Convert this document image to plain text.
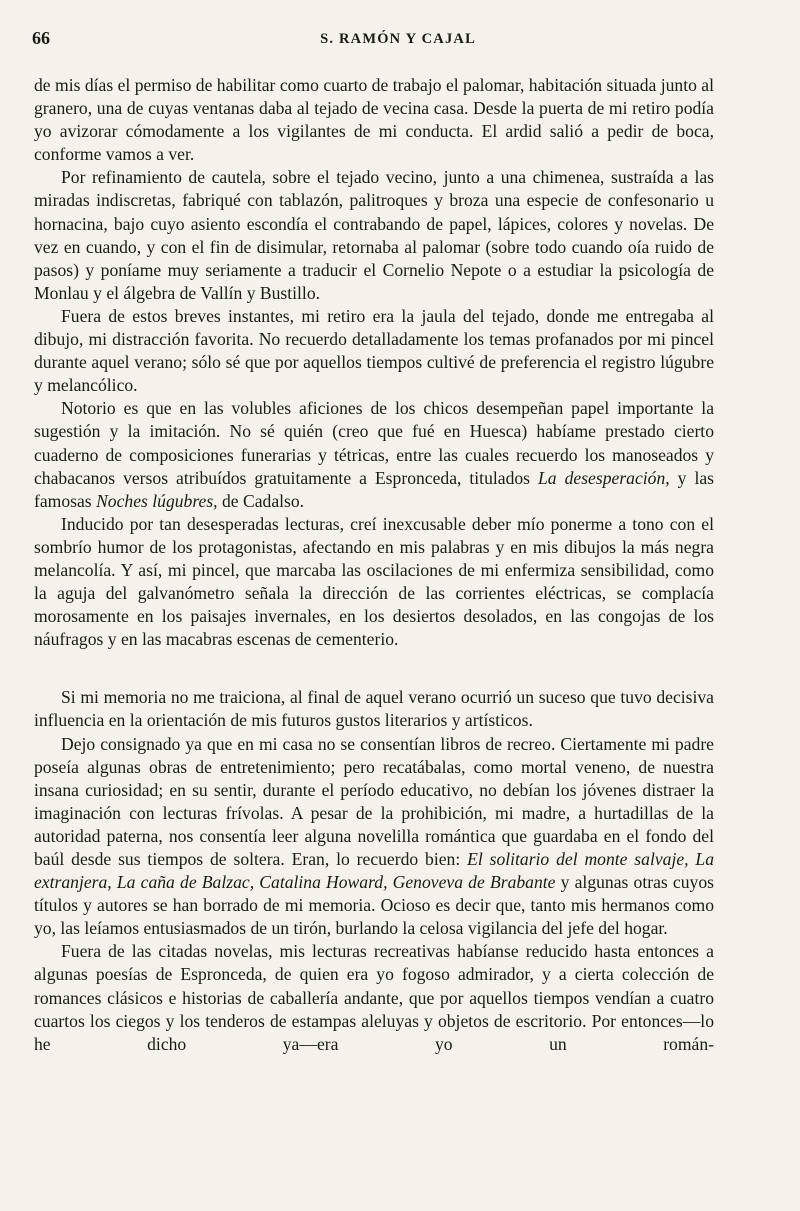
66	S. RAMÓN Y CAJAL

de mis días el permiso de habilitar como cuarto de trabajo el palomar, habitación situada junto al granero, una de cuyas ventanas daba al tejado de vecina casa. Desde la puerta de mi retiro podía yo avizorar cómodamente a los vigilantes de mi conducta. El ardid salió a pedir de boca, conforme vamos a ver.

Por refinamiento de cautela, sobre el tejado vecino, junto a una chimenea, sustraída a las miradas indiscretas, fabriqué con tablazón, palitroques y broza una especie de confesonario u hornacina, bajo cuyo asiento escondía el contrabando de papel, lápices, colores y novelas. De vez en cuando, y con el fin de disimular, retornaba al palomar (sobre todo cuando oía ruido de pasos) y poníame muy seriamente a traducir el Cornelio Nepote o a estudiar la psicología de Monlau y el álgebra de Vallín y Bustillo.

Fuera de estos breves instantes, mi retiro era la jaula del tejado, donde me entregaba al dibujo, mi distracción favorita. No recuerdo detalladamente los temas profanados por mi pincel durante aquel verano; sólo sé que por aquellos tiempos cultivé de preferencia el registro lúgubre y melancólico.

Notorio es que en las volubles aficiones de los chicos desempeñan papel importante la sugestión y la imitación. No sé quién (creo que fué en Huesca) habíame prestado cierto cuaderno de composiciones funerarias y tétricas, entre las cuales recuerdo los manoseados y chabacanos versos atribuídos gratuitamente a Espronceda, titulados La desesperación, y las famosas Noches lúgubres, de Cadalso.

Inducido por tan desesperadas lecturas, creí inexcusable deber mío ponerme a tono con el sombrío humor de los protagonistas, afectando en mis palabras y en mis dibujos la más negra melancolía. Y así, mi pincel, que marcaba las oscilaciones de mi enfermiza sensibilidad, como la aguja del galvanómetro señala la dirección de las corrientes eléctricas, se complacía morosamente en los paisajes invernales, en los desiertos desolados, en las congojas de los náufragos y en las macabras escenas de cementerio.

Si mi memoria no me traiciona, al final de aquel verano ocurrió un suceso que tuvo decisiva influencia en la orientación de mis futuros gustos literarios y artísticos.

Dejo consignado ya que en mi casa no se consentían libros de recreo. Ciertamente mi padre poseía algunas obras de entretenimiento; pero recatábalas, como mortal veneno, de nuestra insana curiosidad; en su sentir, durante el período educativo, no debían los jóvenes distraer la imaginación con lecturas frívolas. A pesar de la prohibición, mi madre, a hurtadillas de la autoridad paterna, nos consentía leer alguna novelilla romántica que guardaba en el fondo del baúl desde sus tiempos de soltera. Eran, lo recuerdo bien: El solitario del monte salvaje, La extranjera, La caña de Balzac, Catalina Howard, Genoveva de Brabante y algunas otras cuyos títulos y autores se han borrado de mi memoria. Ocioso es decir que, tanto mis hermanos como yo, las leíamos entusiasmados de un tirón, burlando la celosa vigilancia del jefe del hogar.

Fuera de las citadas novelas, mis lecturas recreativas habíanse reducido hasta entonces a algunas poesías de Espronceda, de quien era yo fogoso admirador, y a cierta colección de romances clásicos e historias de caballería andante, que por aquellos tiempos vendían a cuatro cuartos los ciegos y los tenderos de estampas aleluyas y objetos de escritorio. Por entonces—lo he dicho ya—era yo un román-
